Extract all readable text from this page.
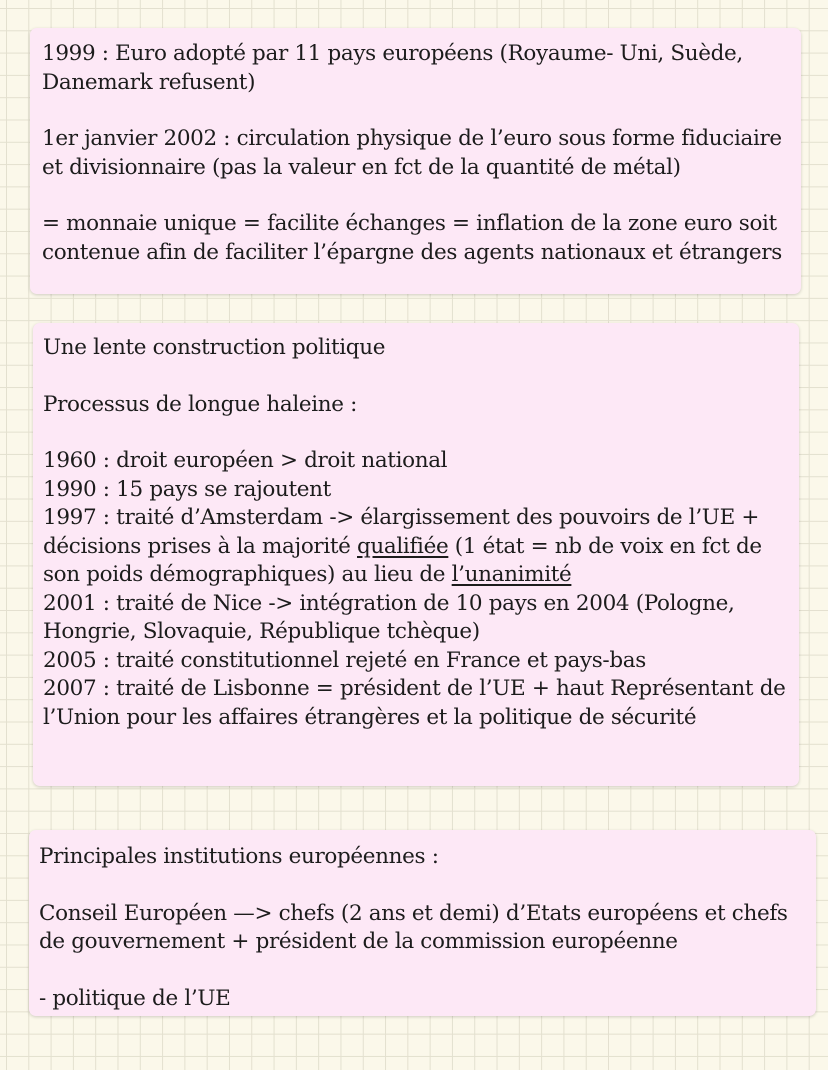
1999 : Euro adopté par 11 pays européens (Royaume- Uni, Suède, Danemark refusent)

1er janvier 2002 : circulation physique de l’euro sous forme fiduciaire et divisionnaire (pas la valeur en fct de la quantité de métal)

= monnaie unique = facilite échanges = inflation de la zone euro soit contenue afin de faciliter l’épargne des agents nationaux et étrangers

Une lente construction politique

Processus de longue haleine :

1960 : droit européen > droit national

1990 : 15 pays se rajoutent

1997 : traité d’Amsterdam -> élargissement des pouvoirs de l’UE + décisions prises à la majorité qualifiée (1 état = nb de voix en fct de son poids démographiques) au lieu de l’unanimité

2001 : traité de Nice -> intégration de 10 pays en 2004 (Pologne, Hongrie, Slovaquie, République tchèque)

2005 : traité constitutionnel rejeté en France et pays-bas

2007 : traité de Lisbonne = président de l’UE + haut Représentant de l’Union pour les affaires étrangères et la politique de sécurité

Principales institutions européennes :

Conseil Européen —> chefs (2 ans et demi) d’Etats européens et chefs de gouvernement + président de la commission européenne

- politique de l’UE
